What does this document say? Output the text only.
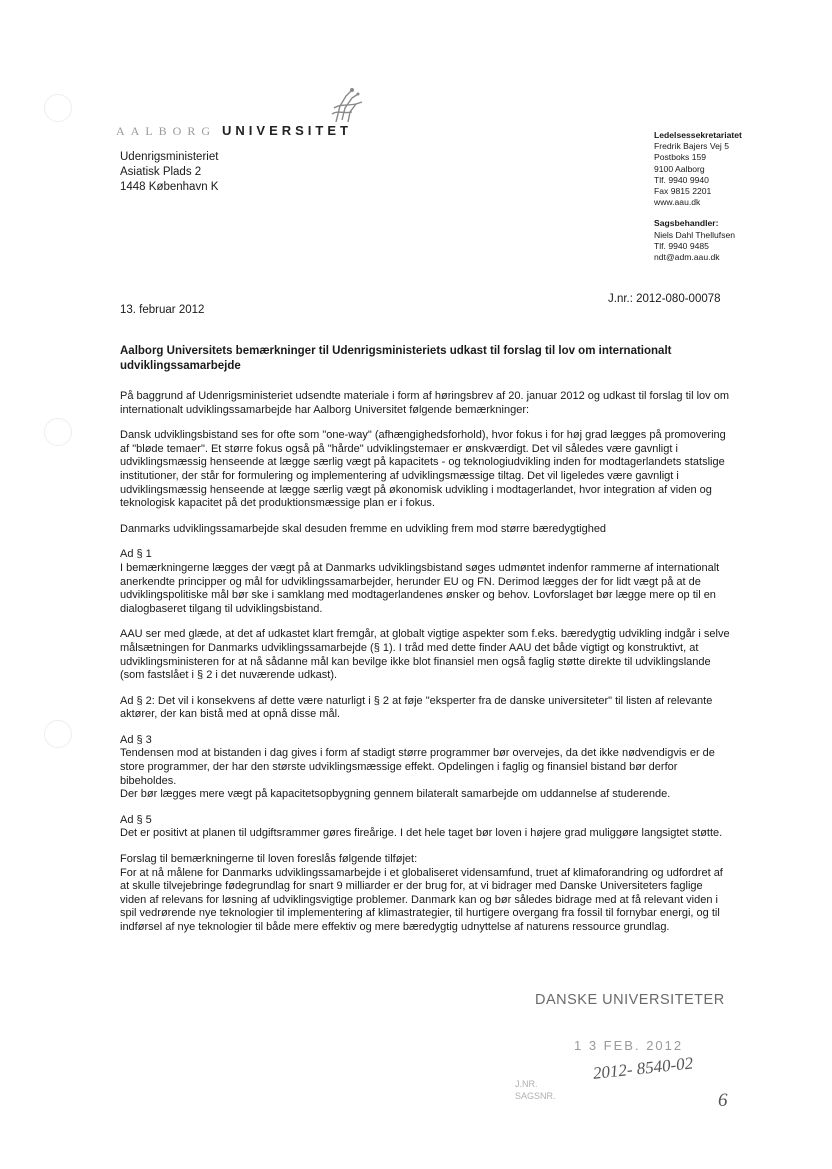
AALBORG UNIVERSITET
Udenrigsministeriet
Asiatisk Plads 2
1448 København K
Ledelsessekretariatet
Fredrik Bajers Vej 5
Postboks 159
9100 Aalborg
Tlf. 9940 9940
Fax 9815 2201
www.aau.dk
Sagsbehandler:
Niels Dahl Thellufsen
Tlf. 9940 9485
ndt@adm.aau.dk
J.nr.: 2012-080-00078
13. februar 2012
Aalborg Universitets bemærkninger til Udenrigsministeriets udkast til forslag til lov om internationalt udviklingssamarbejde

På baggrund af Udenrigsministeriet udsendte materiale i form af høringsbrev af 20. januar 2012 og udkast til forslag til lov om internationalt udviklingssamarbejde har Aalborg Universitet følgende bemærkninger:

Dansk udviklingsbistand ses for ofte som "one-way" (afhængighedsforhold), hvor fokus i for høj grad lægges på promovering af "bløde temaer". Et større fokus også på "hårde" udviklingstemaer er ønskværdigt. Det vil således være gavnligt i udviklingsmæssig henseende at lægge særlig vægt på kapacitets - og teknologiudvikling inden for modtagerlandets statslige institutioner, der står for formulering og implementering af udviklingsmæssige tiltag. Det vil ligeledes være gavnligt i udviklingsmæssig henseende at lægge særlig vægt på økonomisk udvikling i modtagerlandet, hvor integration af viden og teknologisk kapacitet på det produktionsmæssige plan er i fokus.

Danmarks udviklingssamarbejde skal desuden fremme en udvikling frem mod større bæredygtighed

Ad § 1
I bemærkningerne lægges der vægt på at Danmarks udviklingsbistand søges udmøntet indenfor rammerne af internationalt anerkendte principper og mål for udviklingssamarbejder, herunder EU og FN. Derimod lægges der for lidt vægt på at de udviklingspolitiske mål bør ske i samklang med modtagerlandenes ønsker og behov. Lovforslaget bør lægge mere op til en dialogbaseret tilgang til udviklingsbistand.

AAU ser med glæde, at det af udkastet klart fremgår, at globalt vigtige aspekter som f.eks. bæredygtig udvikling indgår i selve målsætningen for Danmarks udviklingssamarbejde (§ 1). I tråd med dette finder AAU det både vigtigt og konstruktivt, at udviklingsministeren for at nå sådanne mål kan bevilge ikke blot finansiel men også faglig støtte direkte til udviklingslande (som fastslået i § 2 i det nuværende udkast).

Ad § 2: Det vil i konsekvens af dette være naturligt i § 2 at føje "eksperter fra de danske universiteter" til listen af relevante aktører, der kan bistå med at opnå disse mål.

Ad § 3
Tendensen mod at bistanden i dag gives i form af stadigt større programmer bør overvejes, da det ikke nødvendigvis er de store programmer, der har den største udviklingsmæssige effekt. Opdelingen i faglig og finansiel bistand bør derfor bibeholdes.
Der bør lægges mere vægt på kapacitetsopbygning gennem bilateralt samarbejde om uddannelse af studerende.

Ad § 5
Det er positivt at planen til udgiftsrammer gøres fireårige. I det hele taget bør loven i højere grad muliggøre langsigtet støtte.

Forslag til bemærkningerne til loven foreslås følgende tilføjet:
For at nå målene for Danmarks udviklingssamarbejde i et globaliseret vidensamfund, truet af klimaforandring og udfordret af at skulle tilvejebringe fødegrundlag for snart 9 milliarder er der brug for, at vi bidrager med Danske Universiteters faglige viden af relevans for løsning af udviklingsvigtige problemer. Danmark kan og bør således bidrage med at få relevant viden i spil vedrørende nye teknologier til implementering af klimastrategier, til hurtigere overgang fra fossil til fornybar energi, og til indførsel af nye teknologier til både mere effektiv og mere bæredygtig udnyttelse af naturens ressource grundlag.

DANSKE UNIVERSITETER
1 3 FEB. 2012
J.NR.
SAGSNR.
2012- 8540-02
6
